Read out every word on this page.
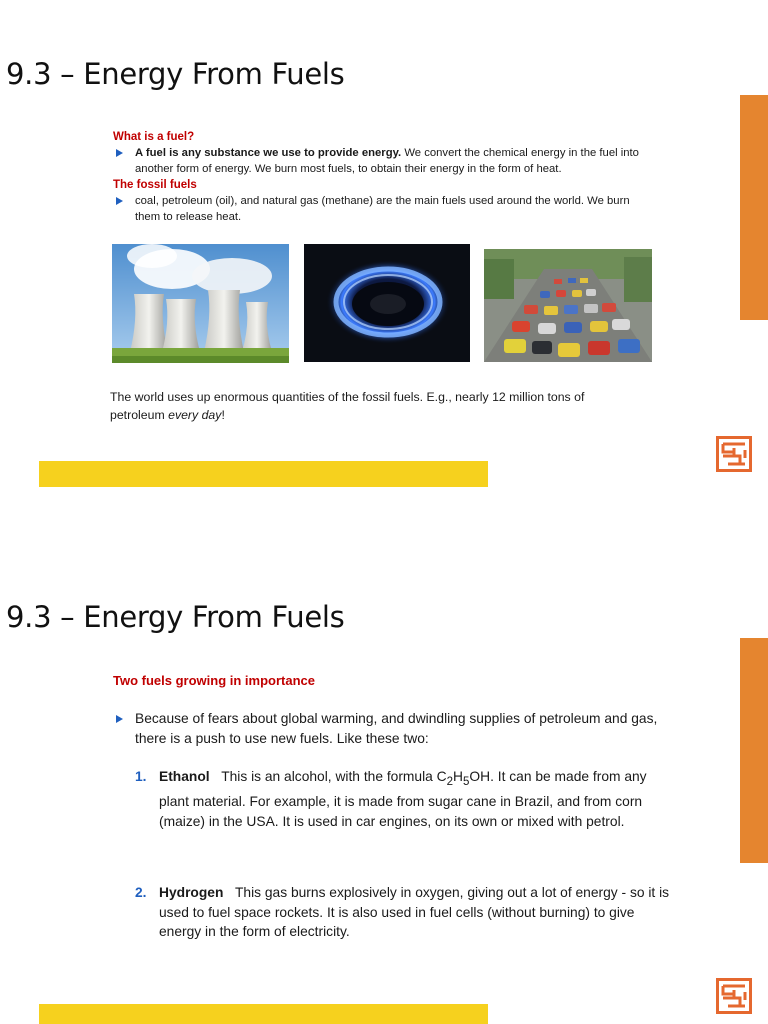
9.3 – Energy From Fuels

What is a fuel?

A fuel is any substance we use to provide energy. We convert the chemical energy in the fuel into another form of energy. We burn most fuels, to obtain their energy in the form of heat.

The fossil fuels

coal, petroleum (oil), and natural gas (methane) are the main fuels used around the world. We burn them to release heat.
The world uses up enormous quantities of the fossil fuels. E.g., nearly 12 million tons of
petroleum every day!
9.3 – Energy From Fuels

Two fuels growing in importance

Because of fears about global warming, and dwindling supplies of petroleum and gas, there is a push to use new fuels. Like these two:
1. Ethanol This is an alcohol, with the formula $C_2H_5OH$. It can be made from any plant material. For example, it is made from sugar cane in Brazil, and from corn (maize) in the USA. It is used in car engines, on its own or mixed with petrol.
2. Hydrogen This gas burns explosively in oxygen, giving out a lot of energy - so it is used to fuel space rockets. It is also used in fuel cells (without burning) to give energy in the form of electricity.
